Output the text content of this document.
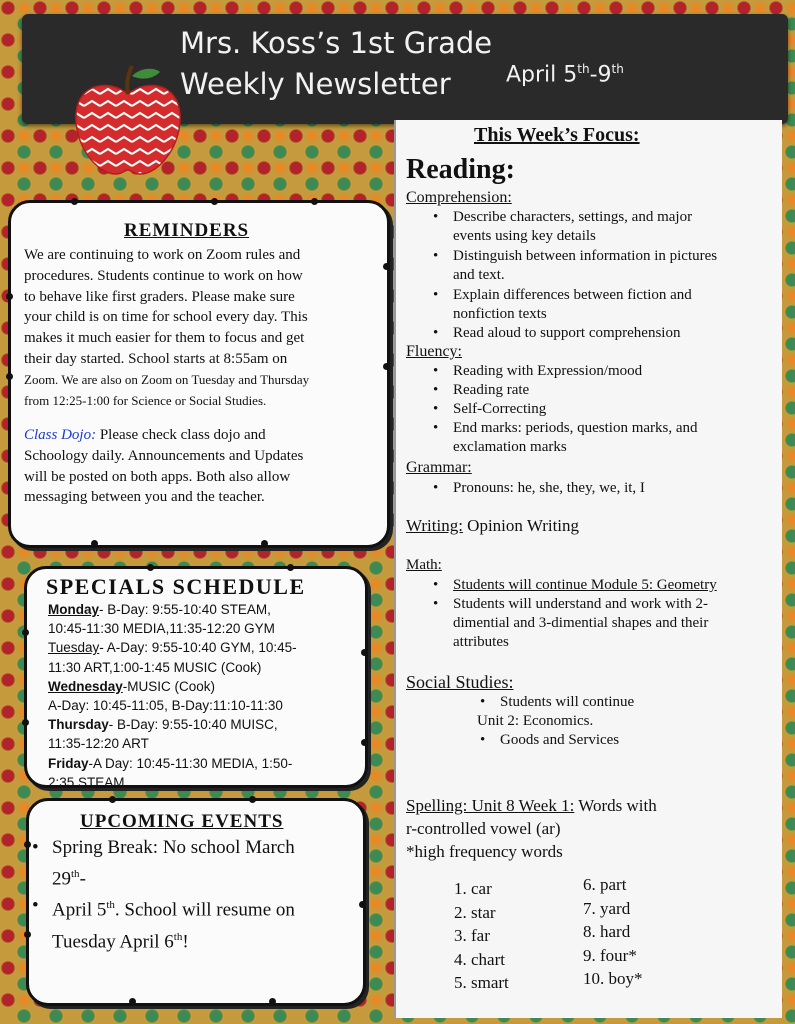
Mrs. Koss’s 1st Grade
Weekly Newsletter	April 5th-9th
REMINDERS
We are continuing to work on Zoom rules and
procedures. Students continue to work on how
to behave like first graders. Please make sure
your child is on time for school every day. This
makes it much easier for them to focus and get
their day started. School starts at 8:55am on
Zoom. We are also on Zoom on Tuesday and Thursday
from 12:25-1:00 for Science or Social Studies.
Class Dojo: Please check class dojo and
Schoology daily. Announcements and Updates
will be posted on both apps. Both also allow
messaging between you and the teacher.
SPECIALS SCHEDULE
Monday- B-Day: 9:55-10:40 STEAM,
10:45-11:30 MEDIA,11:35-12:20 GYM
Tuesday- A-Day: 9:55-10:40 GYM, 10:45-
11:30 ART,1:00-1:45 MUSIC (Cook)
Wednesday-MUSIC (Cook)
A-Day: 10:45-11:05, B-Day:11:10-11:30
Thursday- B-Day: 9:55-10:40 MUISC,
11:35-12:20 ART
Friday-A Day: 10:45-11:30 MEDIA, 1:50-
2:35 STEAM
UPCOMING EVENTS
• Spring Break: No school March
29th-
• April 5th. School will resume on
Tuesday April 6th!
This Week’s Focus:
Reading:
Comprehension:
• Describe characters, settings, and major
events using key details
• Distinguish between information in pictures
and text.
• Explain differences between fiction and
nonfiction texts
• Read aloud to support comprehension
Fluency:
• Reading with Expression/mood
• Reading rate
• Self-Correcting
• End marks: periods, question marks, and
exclamation marks
Grammar:
• Pronouns: he, she, they, we, it, I
Writing: Opinion Writing
Math:
• Students will continue Module 5: Geometry
• Students will understand and work with 2-
dimential and 3-dimential shapes and their
attributes
Social Studies:
• Students will continue
Unit 2: Economics.
• Goods and Services
Spelling: Unit 8 Week 1: Words with
r-controlled vowel (ar)
*high frequency words
1. car
2. star
3. far
4. chart
5. smart
6. part
7. yard
8. hard
9. four*
10. boy*
